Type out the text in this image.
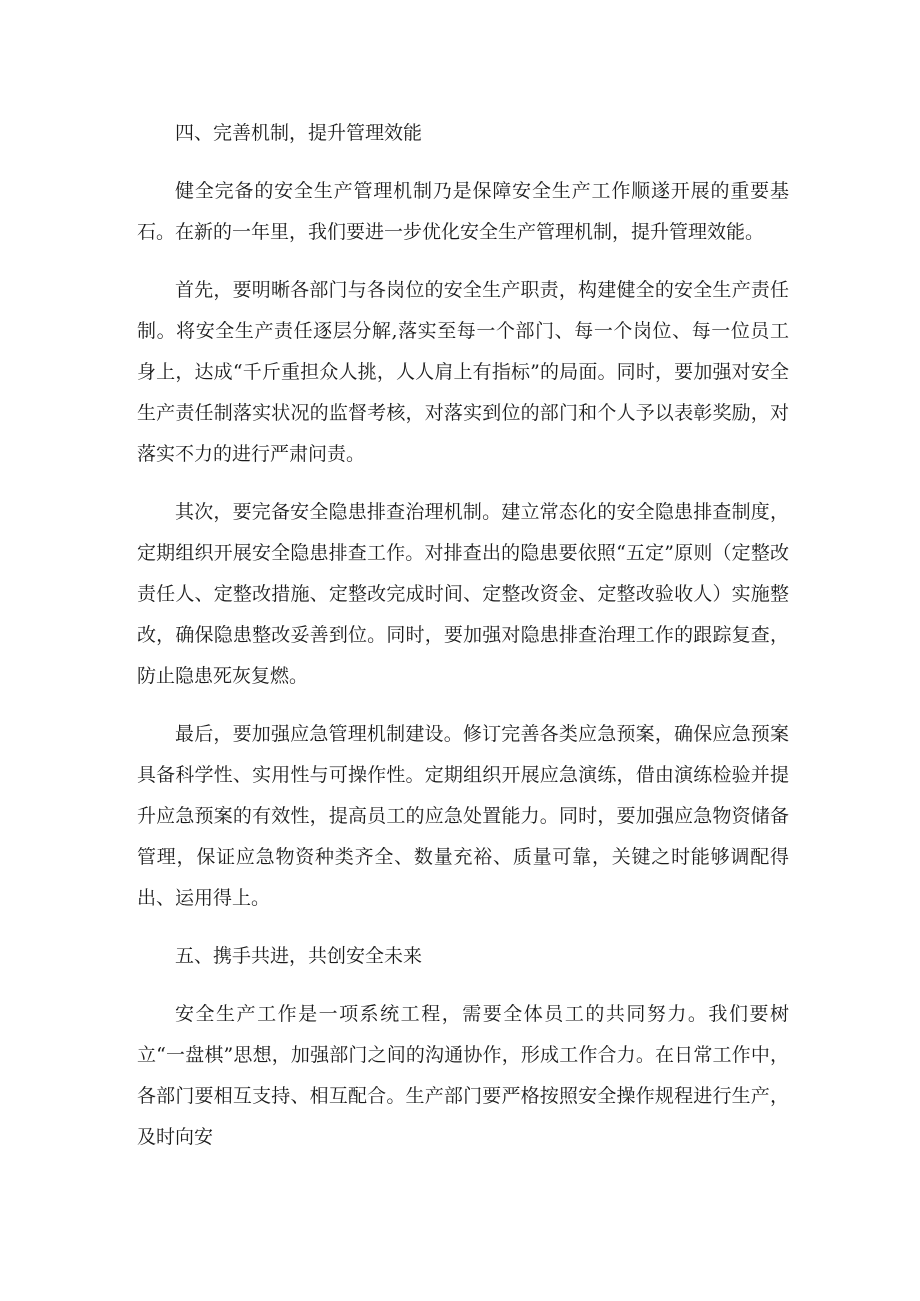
四、完善机制，提升管理效能

健全完备的安全生产管理机制乃是保障安全生产工作顺遂开展的重要基石。在新的一年里，我们要进一步优化安全生产管理机制，提升管理效能。

首先，要明晰各部门与各岗位的安全生产职责，构建健全的安全生产责任制。将安全生产责任逐层分解,落实至每一个部门、每一个岗位、每一位员工身上，达成“千斤重担众人挑，人人肩上有指标”的局面。同时，要加强对安全生产责任制落实状况的监督考核，对落实到位的部门和个人予以表彰奖励，对落实不力的进行严肃问责。

其次，要完备安全隐患排查治理机制。建立常态化的安全隐患排查制度，定期组织开展安全隐患排查工作。对排查出的隐患要依照“五定”原则（定整改责任人、定整改措施、定整改完成时间、定整改资金、定整改验收人）实施整改，确保隐患整改妥善到位。同时，要加强对隐患排查治理工作的跟踪复查，防止隐患死灰复燃。

最后，要加强应急管理机制建设。修订完善各类应急预案，确保应急预案具备科学性、实用性与可操作性。定期组织开展应急演练，借由演练检验并提升应急预案的有效性，提高员工的应急处置能力。同时，要加强应急物资储备管理，保证应急物资种类齐全、数量充裕、质量可靠，关键之时能够调配得出、运用得上。

五、携手共进，共创安全未来

安全生产工作是一项系统工程，需要全体员工的共同努力。我们要树立“一盘棋”思想，加强部门之间的沟通协作，形成工作合力。在日常工作中，各部门要相互支持、相互配合。生产部门要严格按照安全操作规程进行生产，及时向安
